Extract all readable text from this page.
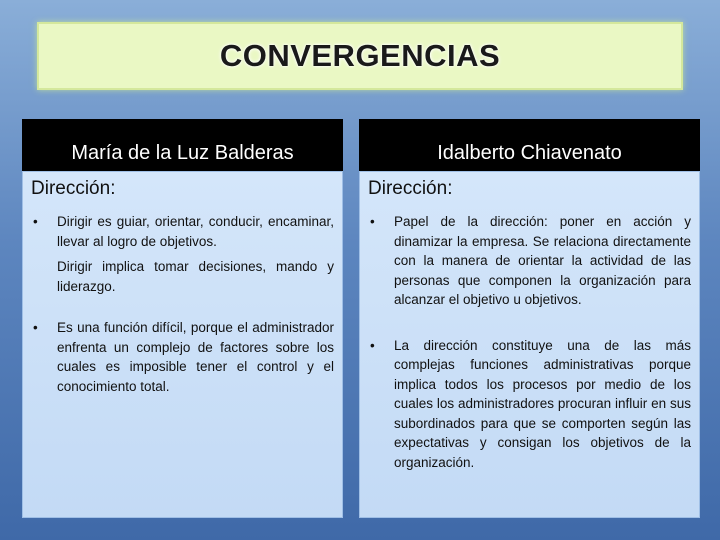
CONVERGENCIAS
María de la Luz Balderas

Dirección:

• Dirigir es guiar, orientar, conducir, encaminar, llevar al logro de objetivos.
Dirigir implica tomar decisiones, mando y liderazgo.
• Es una función difícil, porque el administrador enfrenta un complejo de factores sobre los cuales es imposible tener el control y el conocimiento total.
Idalberto Chiavenato

Dirección:

• Papel de la dirección: poner en acción y dinamizar la empresa. Se relaciona directamente con la manera de orientar la actividad de las personas que componen la organización para alcanzar el objetivo u objetivos.
• La dirección constituye una de las más complejas funciones administrativas porque implica todos los procesos por medio de los cuales los administradores procuran influir en sus subordinados para que se comporten según las expectativas y consigan los objetivos de la organización.
